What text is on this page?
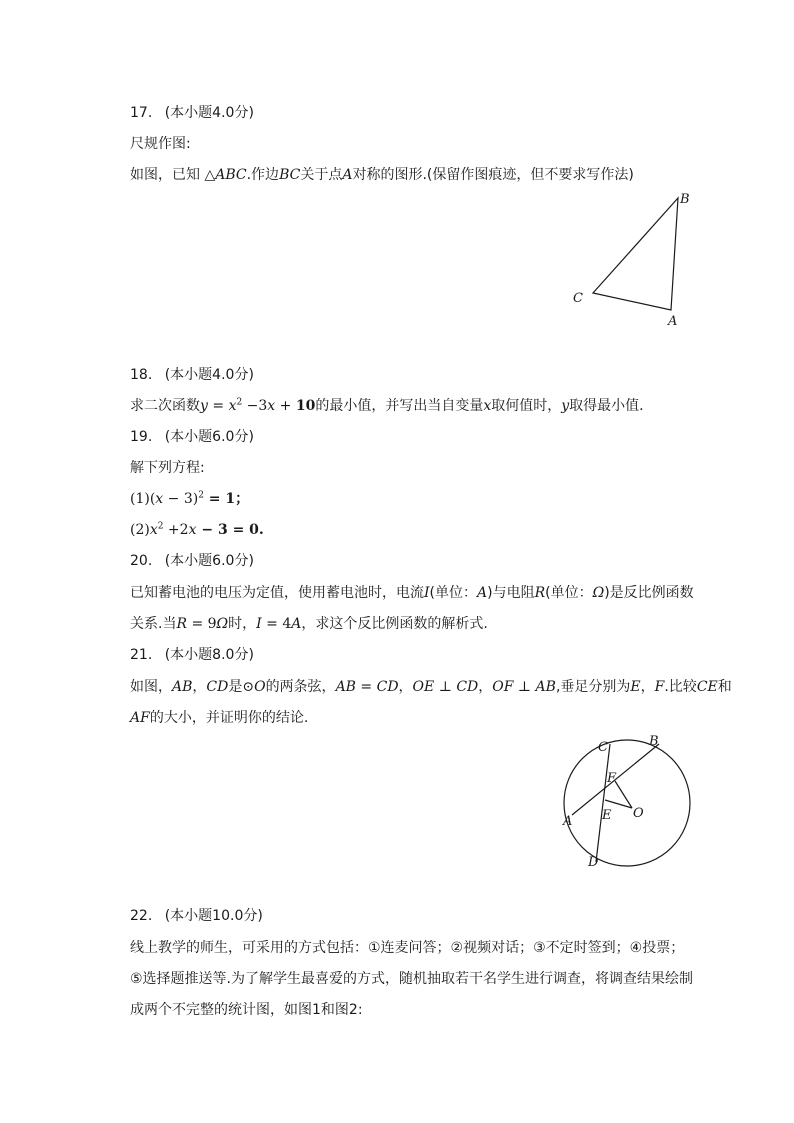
17. (本小题4.0分)
尺规作图:
如图，已知 △ABC.作边BC关于点A对称的图形.(保留作图痕迹，但不要求写作法)
B
C
A
18. (本小题4.0分)
求二次函数$y = x^2 -3x + 10$的最小值，并写出当自变量x取何值时，y取得最小值.
19. (本小题6.0分)
解下列方程:
$(1)(x - 3)^2 = 1$；
$(2)x^2 +2x - 3 = 0$.
20. (本小题6.0分)
已知蓄电池的电压为定值，使用蓄电池时，电流I(单位：A)与电阻R(单位：Ω)是反比例函数
关系.当R = 9Ω时，I = 4A，求这个反比例函数的解析式.
21. (本小题8.0分)
如图，AB，CD是⊙O的两条弦，AB = CD，OE ⊥ CD，OF ⊥ AB,垂足分别为E，F.比较CE和
AF的大小，并证明你的结论.
C	B
F
O
A E
D
22. (本小题10.0分)
线上教学的师生，可采用的方式包括：①连麦问答；②视频对话；③不定时签到；④投票；
⑤选择题推送等.为了解学生最喜爱的方式，随机抽取若干名学生进行调查，将调查结果绘制
成两个不完整的统计图，如图1和图2:
